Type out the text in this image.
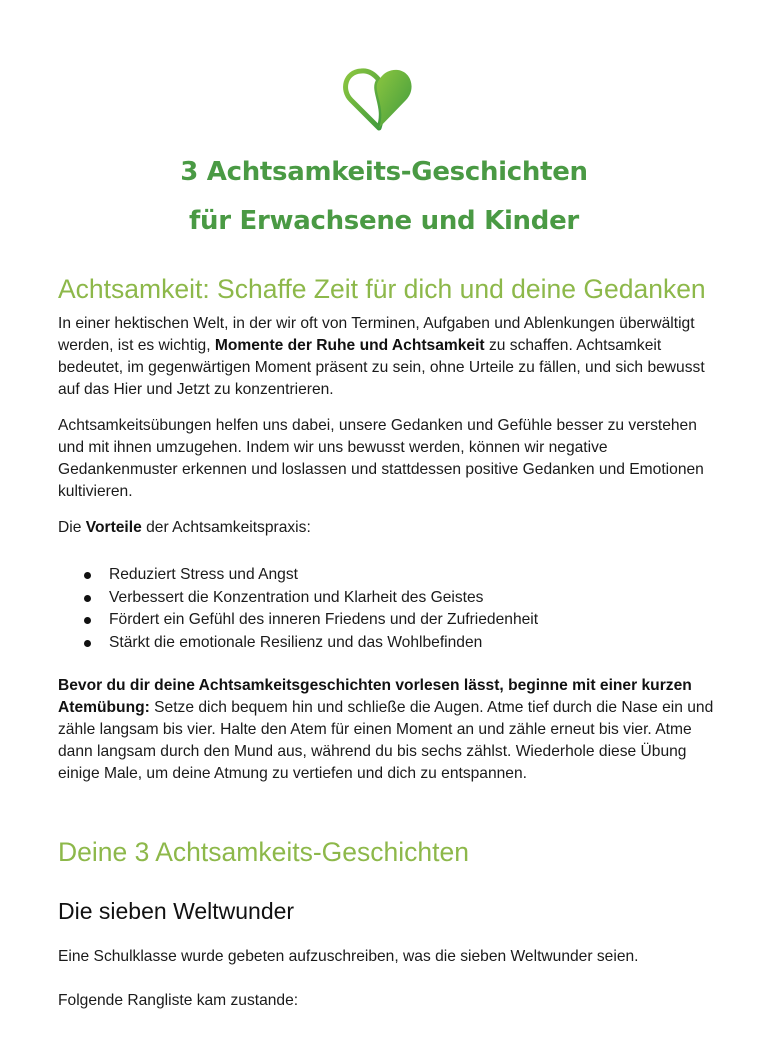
3 Achtsamkeits-Geschichten
für Erwachsene und Kinder
Achtsamkeit: Schaffe Zeit für dich und deine Gedanken
In einer hektischen Welt, in der wir oft von Terminen, Aufgaben und Ablenkungen überwältigt werden, ist es wichtig, Momente der Ruhe und Achtsamkeit zu schaffen. Achtsamkeit bedeutet, im gegenwärtigen Moment präsent zu sein, ohne Urteile zu fällen, und sich bewusst auf das Hier und Jetzt zu konzentrieren.
Achtsamkeitsübungen helfen uns dabei, unsere Gedanken und Gefühle besser zu verstehen und mit ihnen umzugehen. Indem wir uns bewusst werden, können wir negative Gedankenmuster erkennen und loslassen und stattdessen positive Gedanken und Emotionen kultivieren.
Die Vorteile der Achtsamkeitspraxis:
Reduziert Stress und Angst
Verbessert die Konzentration und Klarheit des Geistes
Fördert ein Gefühl des inneren Friedens und der Zufriedenheit
Stärkt die emotionale Resilienz und das Wohlbefinden
Bevor du dir deine Achtsamkeitsgeschichten vorlesen lässt, beginne mit einer kurzen Atemübung: Setze dich bequem hin und schließe die Augen. Atme tief durch die Nase ein und zähle langsam bis vier. Halte den Atem für einen Moment an und zähle erneut bis vier. Atme dann langsam durch den Mund aus, während du bis sechs zählst. Wiederhole diese Übung einige Male, um deine Atmung zu vertiefen und dich zu entspannen.
Deine 3 Achtsamkeits-Geschichten
Die sieben Weltwunder
Eine Schulklasse wurde gebeten aufzuschreiben, was die sieben Weltwunder seien.
Folgende Rangliste kam zustande:
